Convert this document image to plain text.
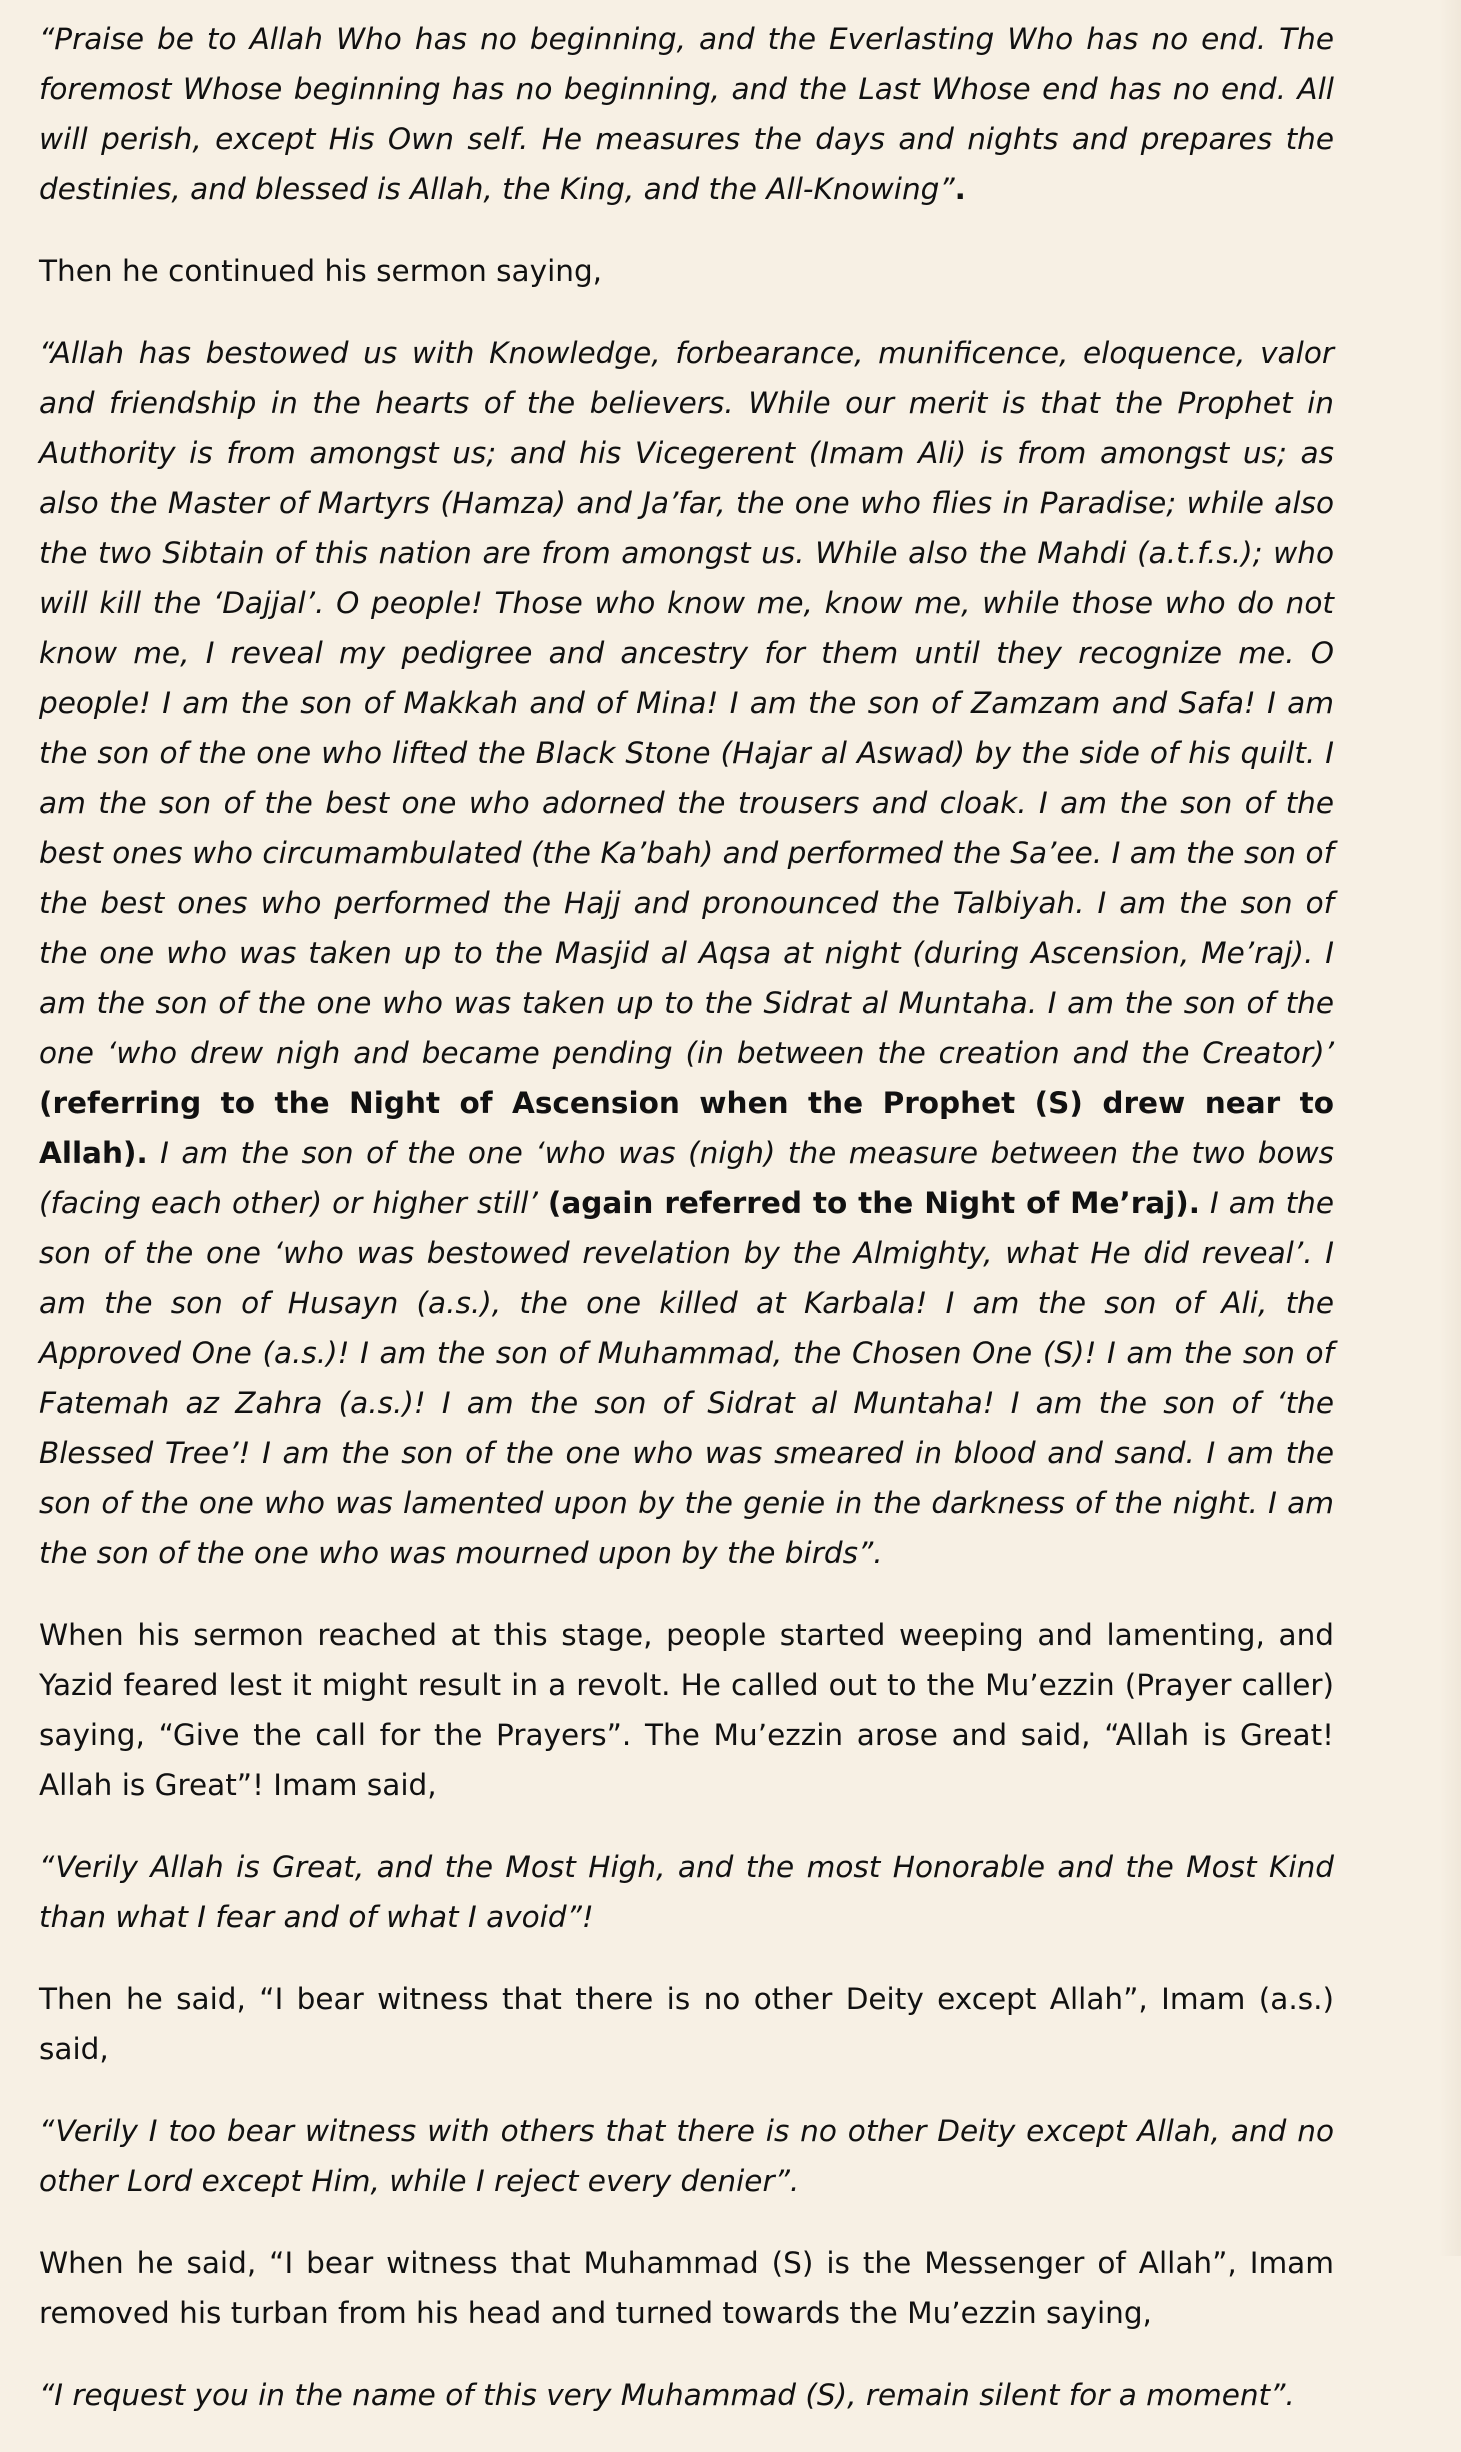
“Praise be to Allah Who has no beginning, and the Everlasting Who has no end. The foremost Whose beginning has no beginning, and the Last Whose end has no end. All will perish, except His Own self. He measures the days and nights and prepares the destinies, and blessed is Allah, the King, and the All-Knowing”.

Then he continued his sermon saying,

“Allah has bestowed us with Knowledge, forbearance, munificence, eloquence, valor and friendship in the hearts of the believers. While our merit is that the Prophet in Authority is from amongst us; and his Vicegerent (Imam Ali) is from amongst us; as also the Master of Martyrs (Hamza) and Ja’far, the one who flies in Paradise; while also the two Sibtain of this nation are from amongst us. While also the Mahdi (a.t.f.s.); who will kill the ‘Dajjal’. O people! Those who know me, know me, while those who do not know me, I reveal my pedigree and ancestry for them until they recognize me. O people! I am the son of Makkah and of Mina! I am the son of Zamzam and Safa! I am the son of the one who lifted the Black Stone (Hajar al Aswad) by the side of his quilt. I am the son of the best one who adorned the trousers and cloak. I am the son of the best ones who circumambulated (the Ka’bah) and performed the Sa’ee. I am the son of the best ones who performed the Hajj and pronounced the Talbiyah. I am the son of the one who was taken up to the Masjid al Aqsa at night (during Ascension, Me’raj). I am the son of the one who was taken up to the Sidrat al Muntaha. I am the son of the one ‘who drew nigh and became pending (in between the creation and the Creator)’ (referring to the Night of Ascension when the Prophet (S) drew near to Allah). I am the son of the one ‘who was (nigh) the measure between the two bows (facing each other) or higher still’ (again referred to the Night of Me’raj). I am the son of the one ‘who was bestowed revelation by the Almighty, what He did reveal’. I am the son of Husayn (a.s.), the one killed at Karbala! I am the son of Ali, the Approved One (a.s.)! I am the son of Muhammad, the Chosen One (S)! I am the son of Fatemah az Zahra (a.s.)! I am the son of Sidrat al Muntaha! I am the son of ‘the Blessed Tree’! I am the son of the one who was smeared in blood and sand. I am the son of the one who was lamented upon by the genie in the darkness of the night. I am the son of the one who was mourned upon by the birds”.

When his sermon reached at this stage, people started weeping and lamenting, and Yazid feared lest it might result in a revolt. He called out to the Mu’ezzin (Prayer caller) saying, “Give the call for the Prayers”. The Mu’ezzin arose and said, “Allah is Great! Allah is Great”! Imam said,

“Verily Allah is Great, and the Most High, and the most Honorable and the Most Kind than what I fear and of what I avoid”!

Then he said, “I bear witness that there is no other Deity except Allah”, Imam (a.s.) said,

“Verily I too bear witness with others that there is no other Deity except Allah, and no other Lord except Him, while I reject every denier”.

When he said, “I bear witness that Muhammad (S) is the Messenger of Allah”, Imam removed his turban from his head and turned towards the Mu’ezzin saying,

“I request you in the name of this very Muhammad (S), remain silent for a moment”.
